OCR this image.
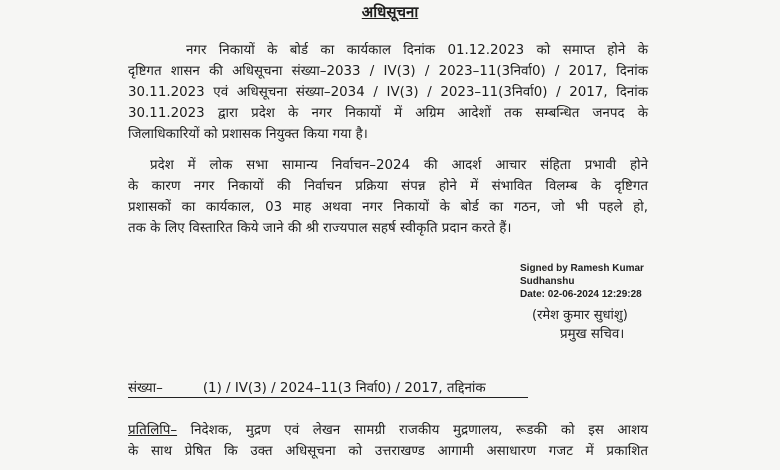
अधिसूचना
नगर निकायों के बोर्ड का कार्यकाल दिनांक 01.12.2023 को समाप्त होने के
दृष्टिगत शासन की अधिसूचना संख्या–2033 / IV(3) / 2023–11(3निर्वा0) / 2017, दिनांक
30.11.2023 एवं अधिसूचना संख्या–2034 / IV(3) / 2023–11(3निर्वा0) / 2017, दिनांक
30.11.2023 द्वारा प्रदेश के नगर निकायों में अग्रिम आदेशों तक सम्बन्धित जनपद के
जिलाधिकारियों को प्रशासक नियुक्त किया गया है।
प्रदेश में लोक सभा सामान्य निर्वाचन–2024 की आदर्श आचार संहिता प्रभावी होने
के कारण नगर निकायों की निर्वाचन प्रक्रिया संपन्न होने में संभावित विलम्ब के दृष्टिगत
प्रशासकों का कार्यकाल, 03 माह अथवा नगर निकायों के बोर्ड का गठन, जो भी पहले हो,
तक के लिए विस्तारित किये जाने की श्री राज्यपाल सहर्ष स्वीकृति प्रदान करते हैं।
Signed by Ramesh Kumar
Sudhanshu
Date: 02-06-2024 12:29:28
(रमेश कुमार सुधांशु)
प्रमुख सचिव।
संख्या–	(1) / IV(3) / 2024–11(3 निर्वा0) / 2017, तद्दिनांक
प्रतिलिपि– निदेशक, मुद्रण एवं लेखन सामग्री राजकीय मुद्रणालय, रूडकी को इस आशय
के साथ प्रेषित कि उक्त अधिसूचना को उत्तराखण्ड आगामी असाधारण गजट में प्रकाशित
